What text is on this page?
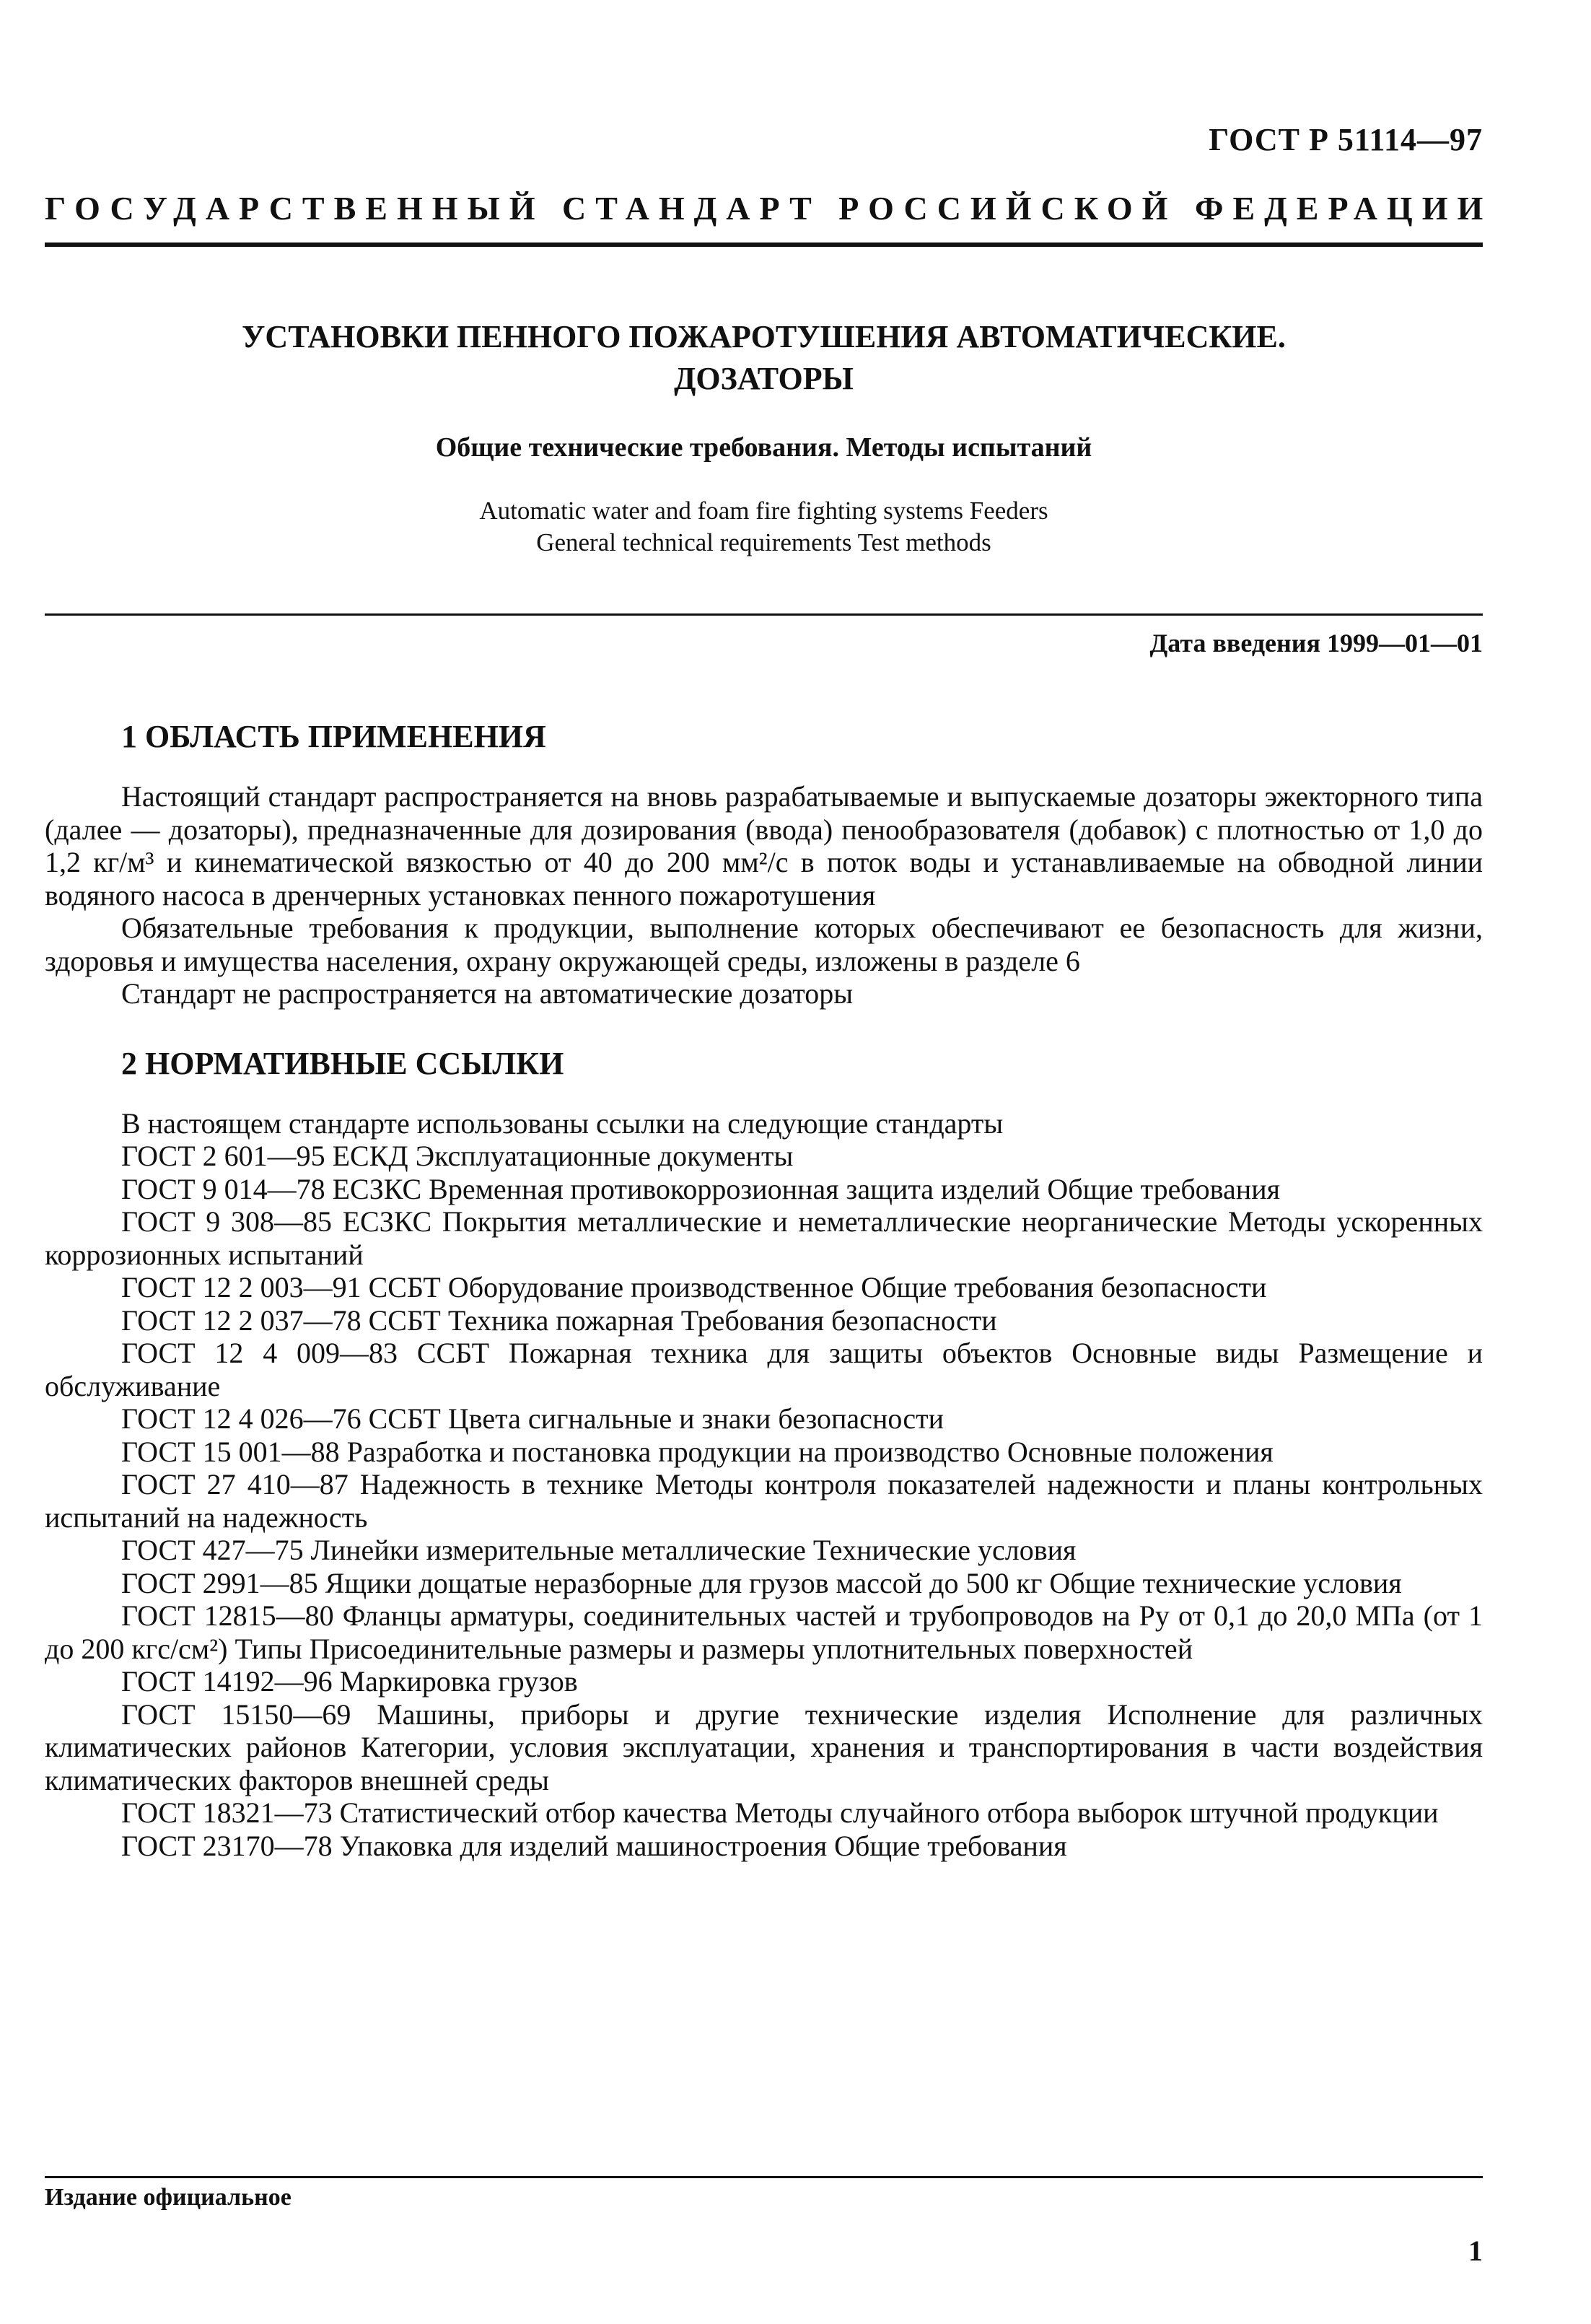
ГОСТ Р 51114—97
ГОСУДАРСТВЕННЫЙ СТАНДАРТ РОССИЙСКОЙ ФЕДЕРАЦИИ
УСТАНОВКИ ПЕННОГО ПОЖАРОТУШЕНИЯ АВТОМАТИЧЕСКИЕ.
ДОЗАТОРЫ
Общие технические требования. Методы испытаний
Automatic water and foam fire fighting systems Feeders
General technical requirements Test methods
Дата введения 1999—01—01
1 ОБЛАСТЬ ПРИМЕНЕНИЯ

Настоящий стандарт распространяется на вновь разрабатываемые и выпускаемые дозаторы эжекторного типа (далее — дозаторы), предназначенные для дозирования (ввода) пенообразователя (добавок) с плотностью от 1,0 до 1,2 кг/м³ и кинематической вязкостью от 40 до 200 мм²/с в поток воды и устанавливаемые на обводной линии водяного насоса в дренчерных установках пенного пожаротушения

Обязательные требования к продукции, выполнение которых обеспечивают ее безопасность для жизни, здоровья и имущества населения, охрану окружающей среды, изложены в разделе 6

Стандарт не распространяется на автоматические дозаторы

2 НОРМАТИВНЫЕ ССЫЛКИ

В настоящем стандарте использованы ссылки на следующие стандарты

ГОСТ 2 601—95 ЕСКД Эксплуатационные документы

ГОСТ 9 014—78 ЕСЗКС Временная противокоррозионная защита изделий Общие требования

ГОСТ 9 308—85 ЕСЗКС Покрытия металлические и неметаллические неорганические Методы ускоренных коррозионных испытаний

ГОСТ 12 2 003—91 ССБТ Оборудование производственное Общие требования безопасности

ГОСТ 12 2 037—78 ССБТ Техника пожарная Требования безопасности

ГОСТ 12 4 009—83 ССБТ Пожарная техника для защиты объектов Основные виды Размещение и обслуживание

ГОСТ 12 4 026—76 ССБТ Цвета сигнальные и знаки безопасности

ГОСТ 15 001—88 Разработка и постановка продукции на производство Основные положения

ГОСТ 27 410—87 Надежность в технике Методы контроля показателей надежности и планы контрольных испытаний на надежность

ГОСТ 427—75 Линейки измерительные металлические Технические условия

ГОСТ 2991—85 Ящики дощатые неразборные для грузов массой до 500 кг Общие технические условия

ГОСТ 12815—80 Фланцы арматуры, соединительных частей и трубопроводов на Pу от 0,1 до 20,0 МПа (от 1 до 200 кгс/см²) Типы Присоединительные размеры и размеры уплотнительных поверхностей

ГОСТ 14192—96 Маркировка грузов

ГОСТ 15150—69 Машины, приборы и другие технические изделия Исполнение для различных климатических районов Категории, условия эксплуатации, хранения и транспортирования в части воздействия климатических факторов внешней среды

ГОСТ 18321—73 Статистический отбор качества Методы случайного отбора выборок штучной продукции

ГОСТ 23170—78 Упаковка для изделий машиностроения Общие требования

Издание официальное
1
